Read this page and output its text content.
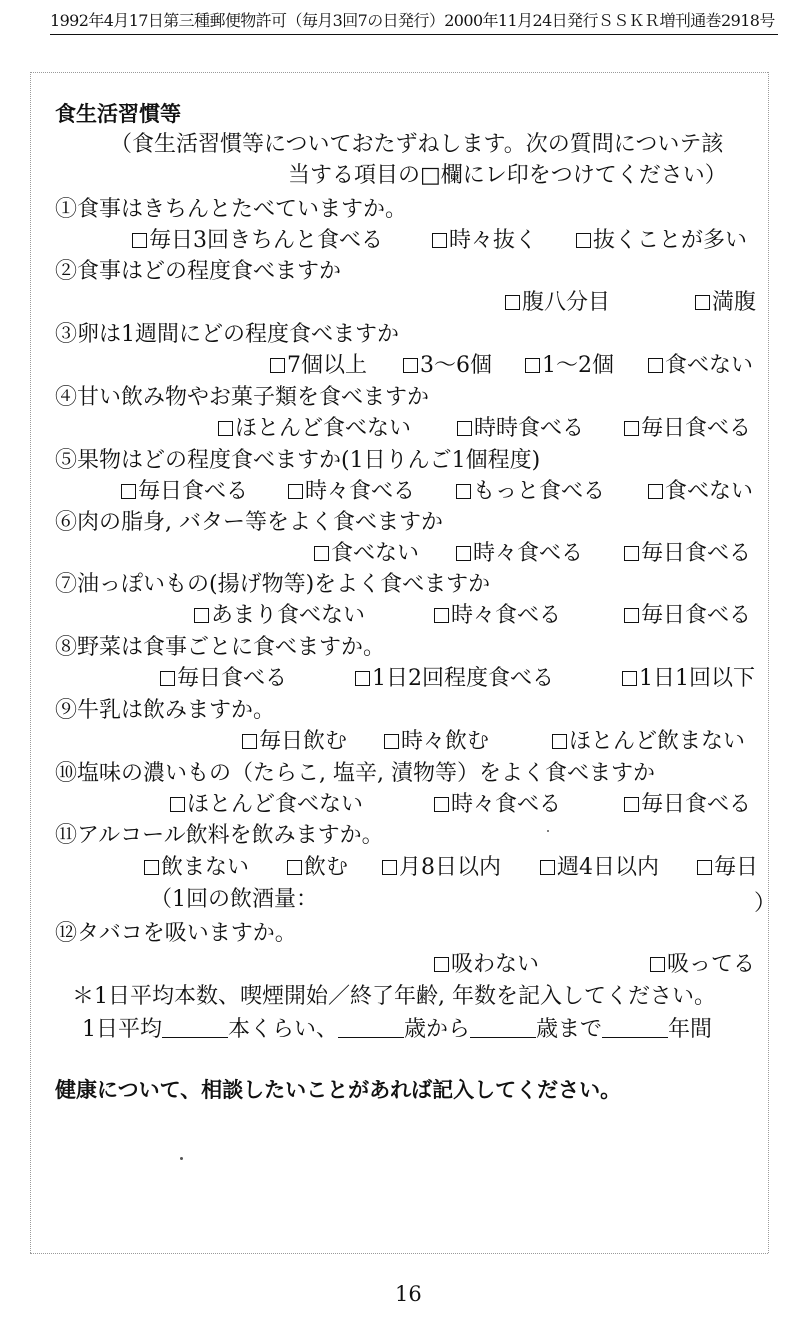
1992年4月17日第三種郵便物許可（毎月3回7の日発行）2000年11月24日発行ＳＳＫＲ増刊通巻2918号
食生活習慣等
（食生活習慣等についておたずねします。次の質問についテ該
当する項目の□欄にレ印をつけてください）
①食事はきちんとたべていますか。
毎日3回きちんと食べる	時々抜く	抜くことが多い
②食事はどの程度食べますか
腹八分目	満腹
③卵は1週間にどの程度食べますか
7個以上	3〜6個	1〜2個	食べない
④甘い飲み物やお菓子類を食べますか
ほとんど食べない	時時食べる	毎日食べる
⑤果物はどの程度食べますか(1日りんご1個程度)
毎日食べる	時々食べる	もっと食べる	食べない
⑥肉の脂身, バター等をよく食べますか
食べない	時々食べる	毎日食べる
⑦油っぽいもの(揚げ物等)をよく食べますか
あまり食べない	時々食べる	毎日食べる
⑧野菜は食事ごとに食べますか。
毎日食べる	1日2回程度食べる	1日1回以下
⑨牛乳は飲みますか。
毎日飲む	時々飲む	ほとんど飲まない
⑩塩味の濃いもの（たらこ, 塩辛, 漬物等）をよく食べますか
ほとんど食べない	時々食べる	毎日食べる
⑪アルコール飲料を飲みますか。
飲まない	飲む	月8日以内	週4日以内	毎日
（1回の飲酒量：	）
⑫タバコを吸いますか。
吸わない	吸ってる
＊1日平均本数、喫煙開始／終了年齢, 年数を記入してください。
1日平均	本くらい、	歳から	歳まで	年間
健康について、相談したいことがあれば記入してください。
16
